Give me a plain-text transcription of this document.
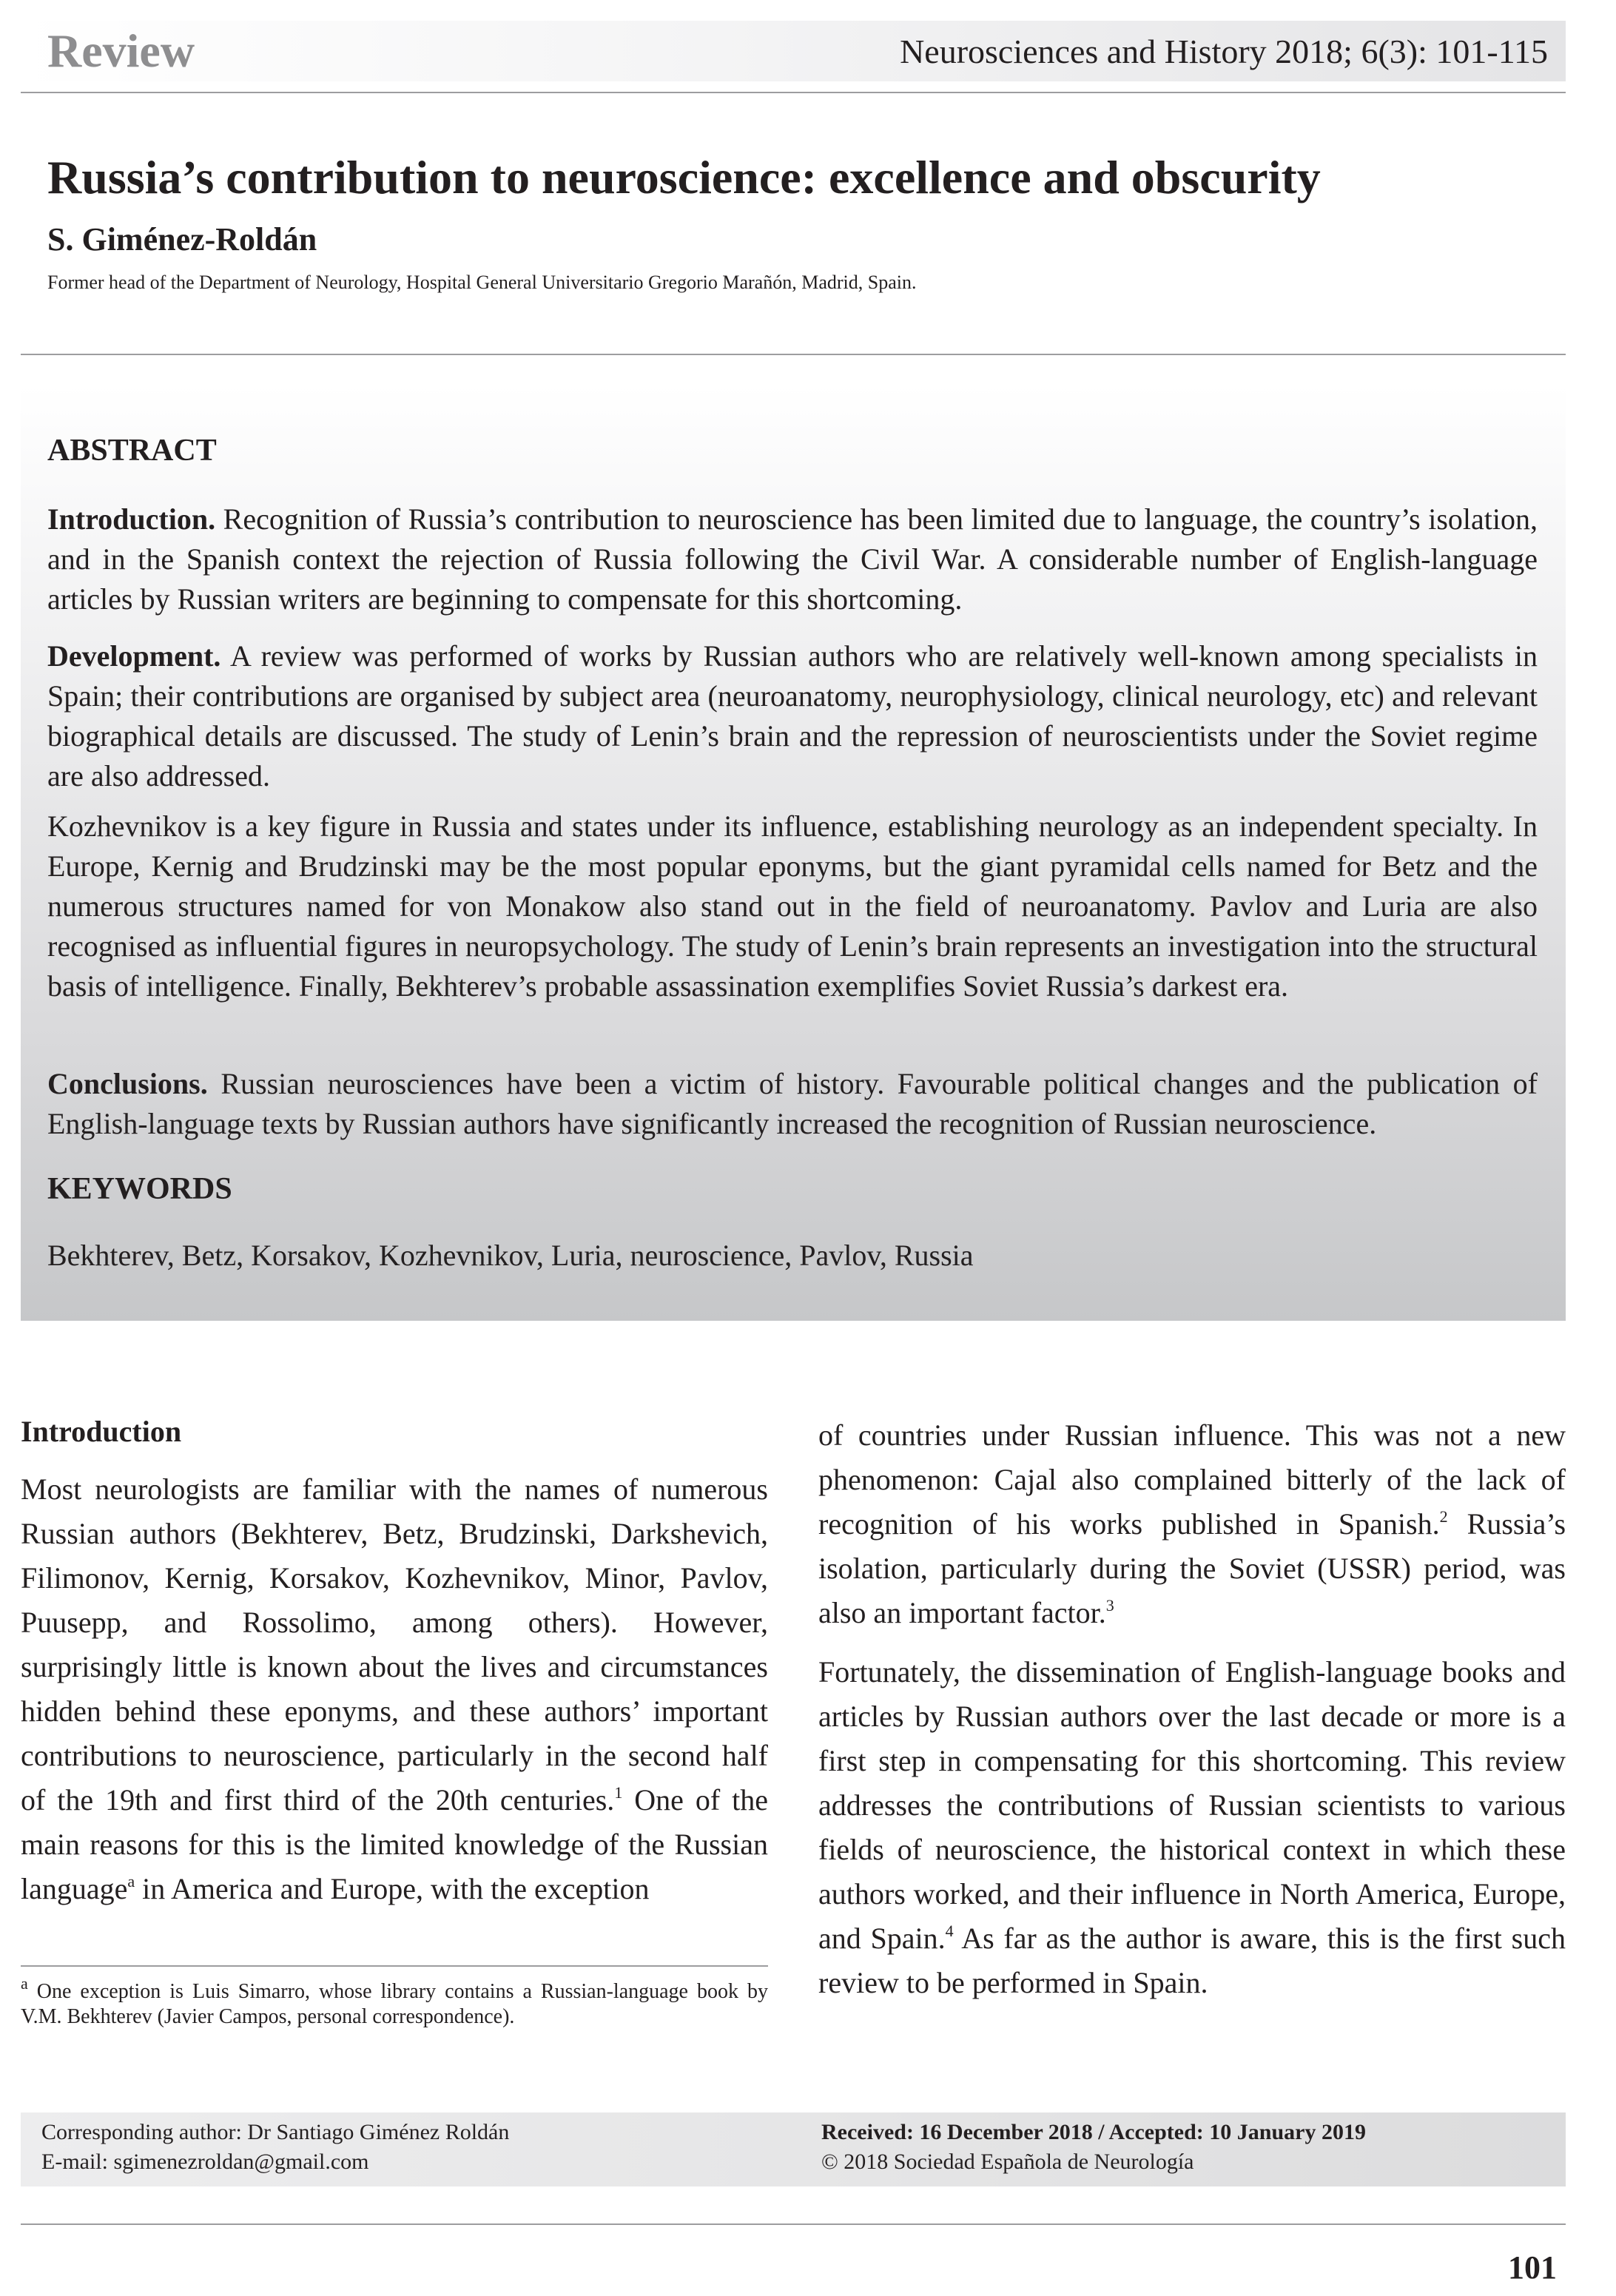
Review	Neurosciences and History 2018; 6(3): 101-115
Russia’s contribution to neuroscience: excellence and obscurity
S. Giménez-Roldán
Former head of the Department of Neurology, Hospital General Universitario Gregorio Marañón, Madrid, Spain.
ABSTRACT
Introduction. Recognition of Russia’s contribution to neuroscience has been limited due to language, the country’s isolation, and in the Spanish context the rejection of Russia following the Civil War. A considerable number of English-language articles by Russian writers are beginning to compensate for this shortcoming.
Development. A review was performed of works by Russian authors who are relatively well-known among specialists in Spain; their contributions are organised by subject area (neuroanatomy, neurophysiology, clinical neurology, etc) and relevant biographical details are discussed. The study of Lenin’s brain and the repression of neuroscientists under the Soviet regime are also addressed.
Kozhevnikov is a key figure in Russia and states under its influence, establishing neurology as an independent specialty. In Europe, Kernig and Brudzinski may be the most popular eponyms, but the giant pyramidal cells named for Betz and the numerous structures named for von Monakow also stand out in the field of neuroanatomy. Pavlov and Luria are also recognised as influential figures in neuropsychology. The study of Lenin’s brain represents an investigation into the structural basis of intelligence. Finally, Bekhterev’s probable assassination exemplifies Soviet Russia’s darkest era.
Conclusions. Russian neurosciences have been a victim of history. Favourable political changes and the publication of English-language texts by Russian authors have significantly increased the recognition of Russian neuroscience.
KEYWORDS
Bekhterev, Betz, Korsakov, Kozhevnikov, Luria, neuroscience, Pavlov, Russia
Introduction

Most neurologists are familiar with the names of numerous Russian authors (Bekhterev, Betz, Brudzinski, Darkshevich, Filimonov, Kernig, Korsakov, Kozhevnikov, Minor, Pavlov, Puusepp, and Rossolimo, among others). However, surprisingly little is known about the lives and circumstances hidden behind these eponyms, and these authors’ important contributions to neuroscience, particularly in the second half of the 19th and first third of the 20th centuries.$^1$ One of the main reasons for this is the limited knowledge of the Russian language$^a$ in America and Europe, with the exception

of countries under Russian influence. This was not a new phenomenon: Cajal also complained bitterly of the lack of recognition of his works published in Spanish.$^2$ Russia’s isolation, particularly during the Soviet (USSR) period, was also an important factor.$^3$

Fortunately, the dissemination of English-language books and articles by Russian authors over the last decade or more is a first step in compensating for this shortcoming. This review addresses the contributions of Russian scientists to various fields of neuroscience, the historical context in which these authors worked, and their influence in North America, Europe, and Spain.$^4$ As far as the author is aware, this is the first such review to be performed in Spain.

$^a$ One exception is Luis Simarro, whose library contains a Russian-language book by V.M. Bekhterev (Javier Campos, personal correspondence).
Corresponding author: Dr Santiago Giménez Roldán
E-mail: sgimenezroldan@gmail.com
Received: 16 December 2018 / Accepted: 10 January 2019
© 2018 Sociedad Española de Neurología
101
